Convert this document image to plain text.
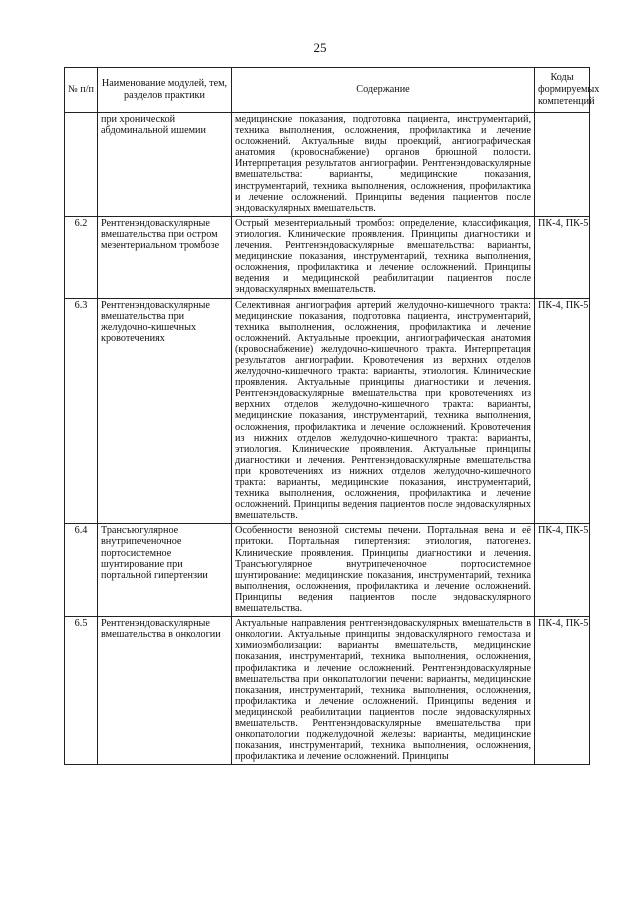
25
№ п/п	Наименование модулей, тем, разделов практики	Содержание	Коды формируемых компетенций
	при хронической абдоминальной ишемии	медицинские показания, подготовка пациента, инструментарий, техника выполнения, осложнения, профилактика и лечение осложнений. Актуальные виды проекций, ангиографическая анатомия (кровоснабжение) органов брюшной полости. Интерпретация результатов ангиографии. Рентгенэндоваскулярные вмешательства: варианты, медицинские показания, инструментарий, техника выполнения, осложнения, профилактика и лечение осложнений. Принципы ведения пациентов после эндоваскулярных вмешательств.	
6.2	Рентгенэндоваскулярные вмешательства при остром мезентериальном тромбозе	Острый мезентериальный тромбоз: определение, классификация, этиология. Клинические проявления. Принципы диагностики и лечения. Рентгенэндоваскулярные вмешательства: варианты, медицинские показания, инструментарий, техника выполнения, осложнения, профилактика и лечение осложнений. Принципы ведения и медицинской реабилитации пациентов после эндоваскулярных вмешательств.	ПК-4, ПК-5
6.3	Рентгенэндоваскулярные вмешательства при желудочно-кишечных кровотечениях	Селективная ангиография артерий желудочно-кишечного тракта: медицинские показания, подготовка пациента, инструментарий, техника выполнения, осложнения, профилактика и лечение осложнений. Актуальные проекции, ангиографическая анатомия (кровоснабжение) желудочно-кишечного тракта. Интерпретация результатов ангиографии. Кровотечения из верхних отделов желудочно-кишечного тракта: варианты, этиология. Клинические проявления. Актуальные принципы диагностики и лечения. Рентгенэндоваскулярные вмешательства при кровотечениях из верхних отделов желудочно-кишечного тракта: варианты, медицинские показания, инструментарий, техника выполнения, осложнения, профилактика и лечение осложнений. Кровотечения из нижних отделов желудочно-кишечного тракта: варианты, этиология. Клинические проявления. Актуальные принципы диагностики и лечения. Рентгенэндоваскулярные вмешательства при кровотечениях из нижних отделов желудочно-кишечного тракта: варианты, медицинские показания, инструментарий, техника выполнения, осложнения, профилактика и лечение осложнений. Принципы ведения пациентов после эндоваскулярных вмешательств.	ПК-4, ПК-5
6.4	Трансъюгулярное внутрипеченочное портосистемное шунтирование при портальной гипертензии	Особенности венозной системы печени. Портальная вена и её притоки. Портальная гипертензия: этиология, патогенез. Клинические проявления. Принципы диагностики и лечения. Трансъюгулярное внутрипеченочное портосистемное шунтирование: медицинские показания, инструментарий, техника выполнения, осложнения, профилактика и лечение осложнений. Принципы ведения пациентов после эндоваскулярного вмешательства.	ПК-4, ПК-5
6.5	Рентгенэндоваскулярные вмешательства в онкологии	Актуальные направления рентгенэндоваскулярных вмешательств в онкологии. Актуальные принципы эндоваскулярного гемостаза и химиоэмболизации: варианты вмешательств, медицинские показания, инструментарий, техника выполнения, осложнения, профилактика и лечение осложнений. Рентгенэндоваскулярные вмешательства при онкопатологии печени: варианты, медицинские показания, инструментарий, техника выполнения, осложнения, профилактика и лечение осложнений. Принципы ведения и медицинской реабилитации пациентов после эндоваскулярных вмешательств. Рентгенэндоваскулярные вмешательства при онкопатологии поджелудочной железы: варианты, медицинские показания, инструментарий, техника выполнения, осложнения, профилактика и лечение осложнений. Принципы	ПК-4, ПК-5
